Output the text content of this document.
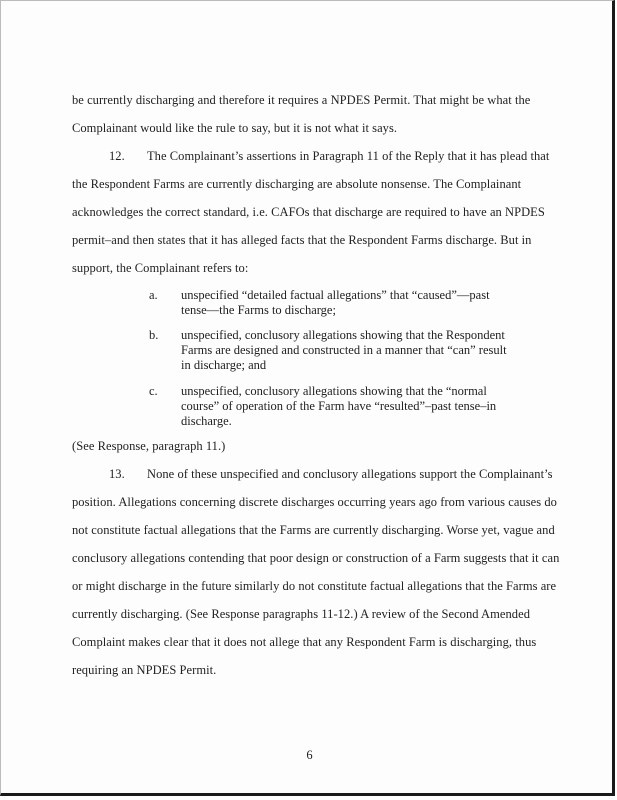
be currently discharging and therefore it requires a NPDES Permit. That might be what the
Complainant would like the rule to say, but it is not what it says.
12. The Complainant’s assertions in Paragraph 11 of the Reply that it has plead that
the Respondent Farms are currently discharging are absolute nonsense. The Complainant
acknowledges the correct standard, i.e. CAFOs that discharge are required to have an NPDES
permit–and then states that it has alleged facts that the Respondent Farms discharge. But in
support, the Complainant refers to:
a. unspecified “detailed factual allegations” that “caused”—past
tense—the Farms to discharge;
b. unspecified, conclusory allegations showing that the Respondent
Farms are designed and constructed in a manner that “can” result
in discharge; and
c. unspecified, conclusory allegations showing that the “normal
course” of operation of the Farm have “resulted”–past tense–in
discharge.
(See Response, paragraph 11.)
13. None of these unspecified and conclusory allegations support the Complainant’s
position. Allegations concerning discrete discharges occurring years ago from various causes do
not constitute factual allegations that the Farms are currently discharging. Worse yet, vague and
conclusory allegations contending that poor design or construction of a Farm suggests that it can
or might discharge in the future similarly do not constitute factual allegations that the Farms are
currently discharging. (See Response paragraphs 11-12.) A review of the Second Amended
Complaint makes clear that it does not allege that any Respondent Farm is discharging, thus
requiring an NPDES Permit.
6
